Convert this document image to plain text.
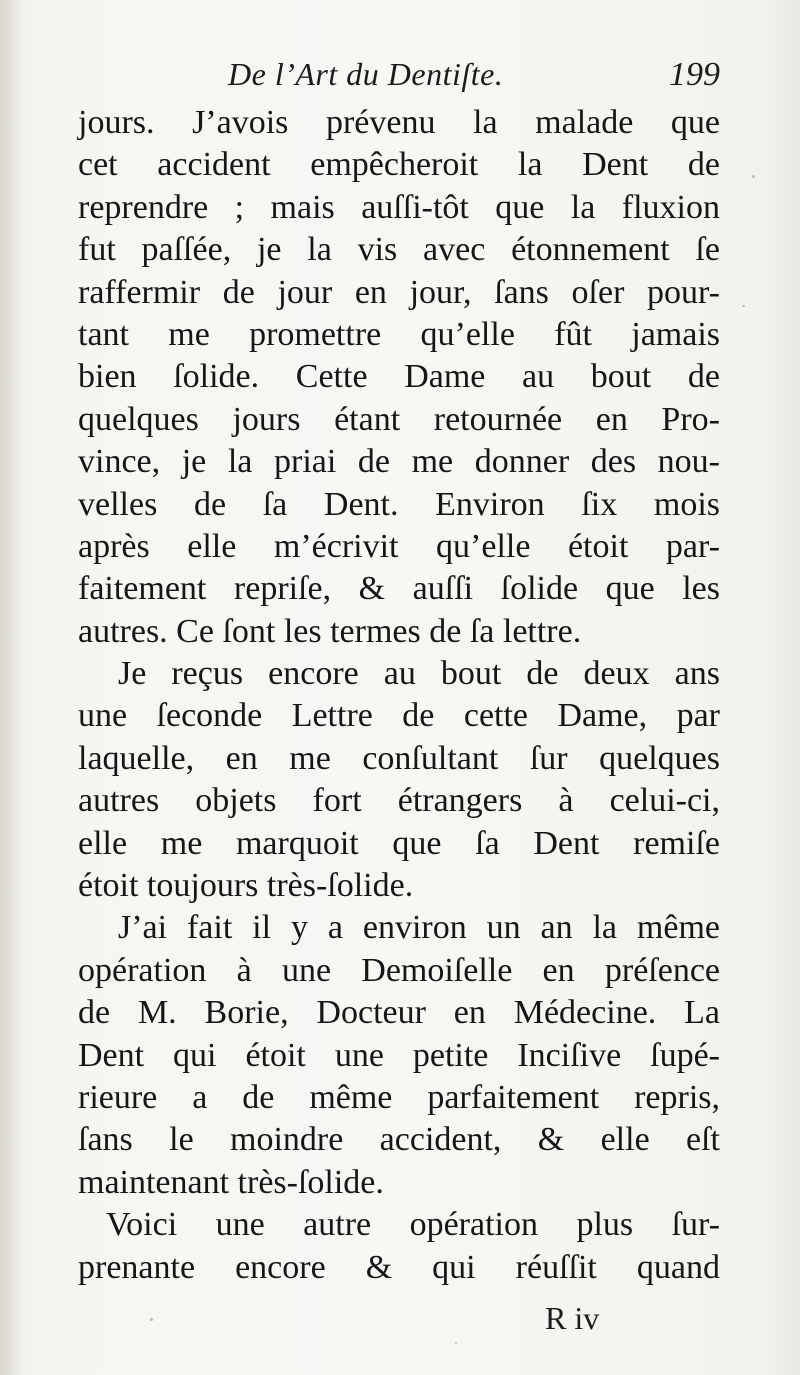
De l’Art du Dentiſte.	199
jours. J’avois prévenu la malade que
cet accident empêcheroit la Dent de
reprendre ; mais auſſi-tôt que la fluxion
fut paſſée, je la vis avec étonnement ſe
raffermir de jour en jour, ſans oſer pour-
tant me promettre qu’elle fût jamais
bien ſolide. Cette Dame au bout de
quelques jours étant retournée en Pro-
vince, je la priai de me donner des nou-
velles de ſa Dent. Environ ſix mois
après elle m’écrivit qu’elle étoit par-
faitement repriſe, & auſſi ſolide que les
autres. Ce ſont les termes de ſa lettre.
Je reçus encore au bout de deux ans
une ſeconde Lettre de cette Dame, par
laquelle, en me conſultant ſur quelques
autres objets fort étrangers à celui-ci,
elle me marquoit que ſa Dent remiſe
étoit toujours très-ſolide.
J’ai fait il y a environ un an la même
opération à une Demoiſelle en préſence
de M. Borie, Docteur en Médecine. La
Dent qui étoit une petite Inciſive ſupé-
rieure a de même parfaitement repris,
ſans le moindre accident, & elle eſt
maintenant très-ſolide.
Voici une autre opération plus ſur-
prenante encore & qui réuſſit quand
R iv
